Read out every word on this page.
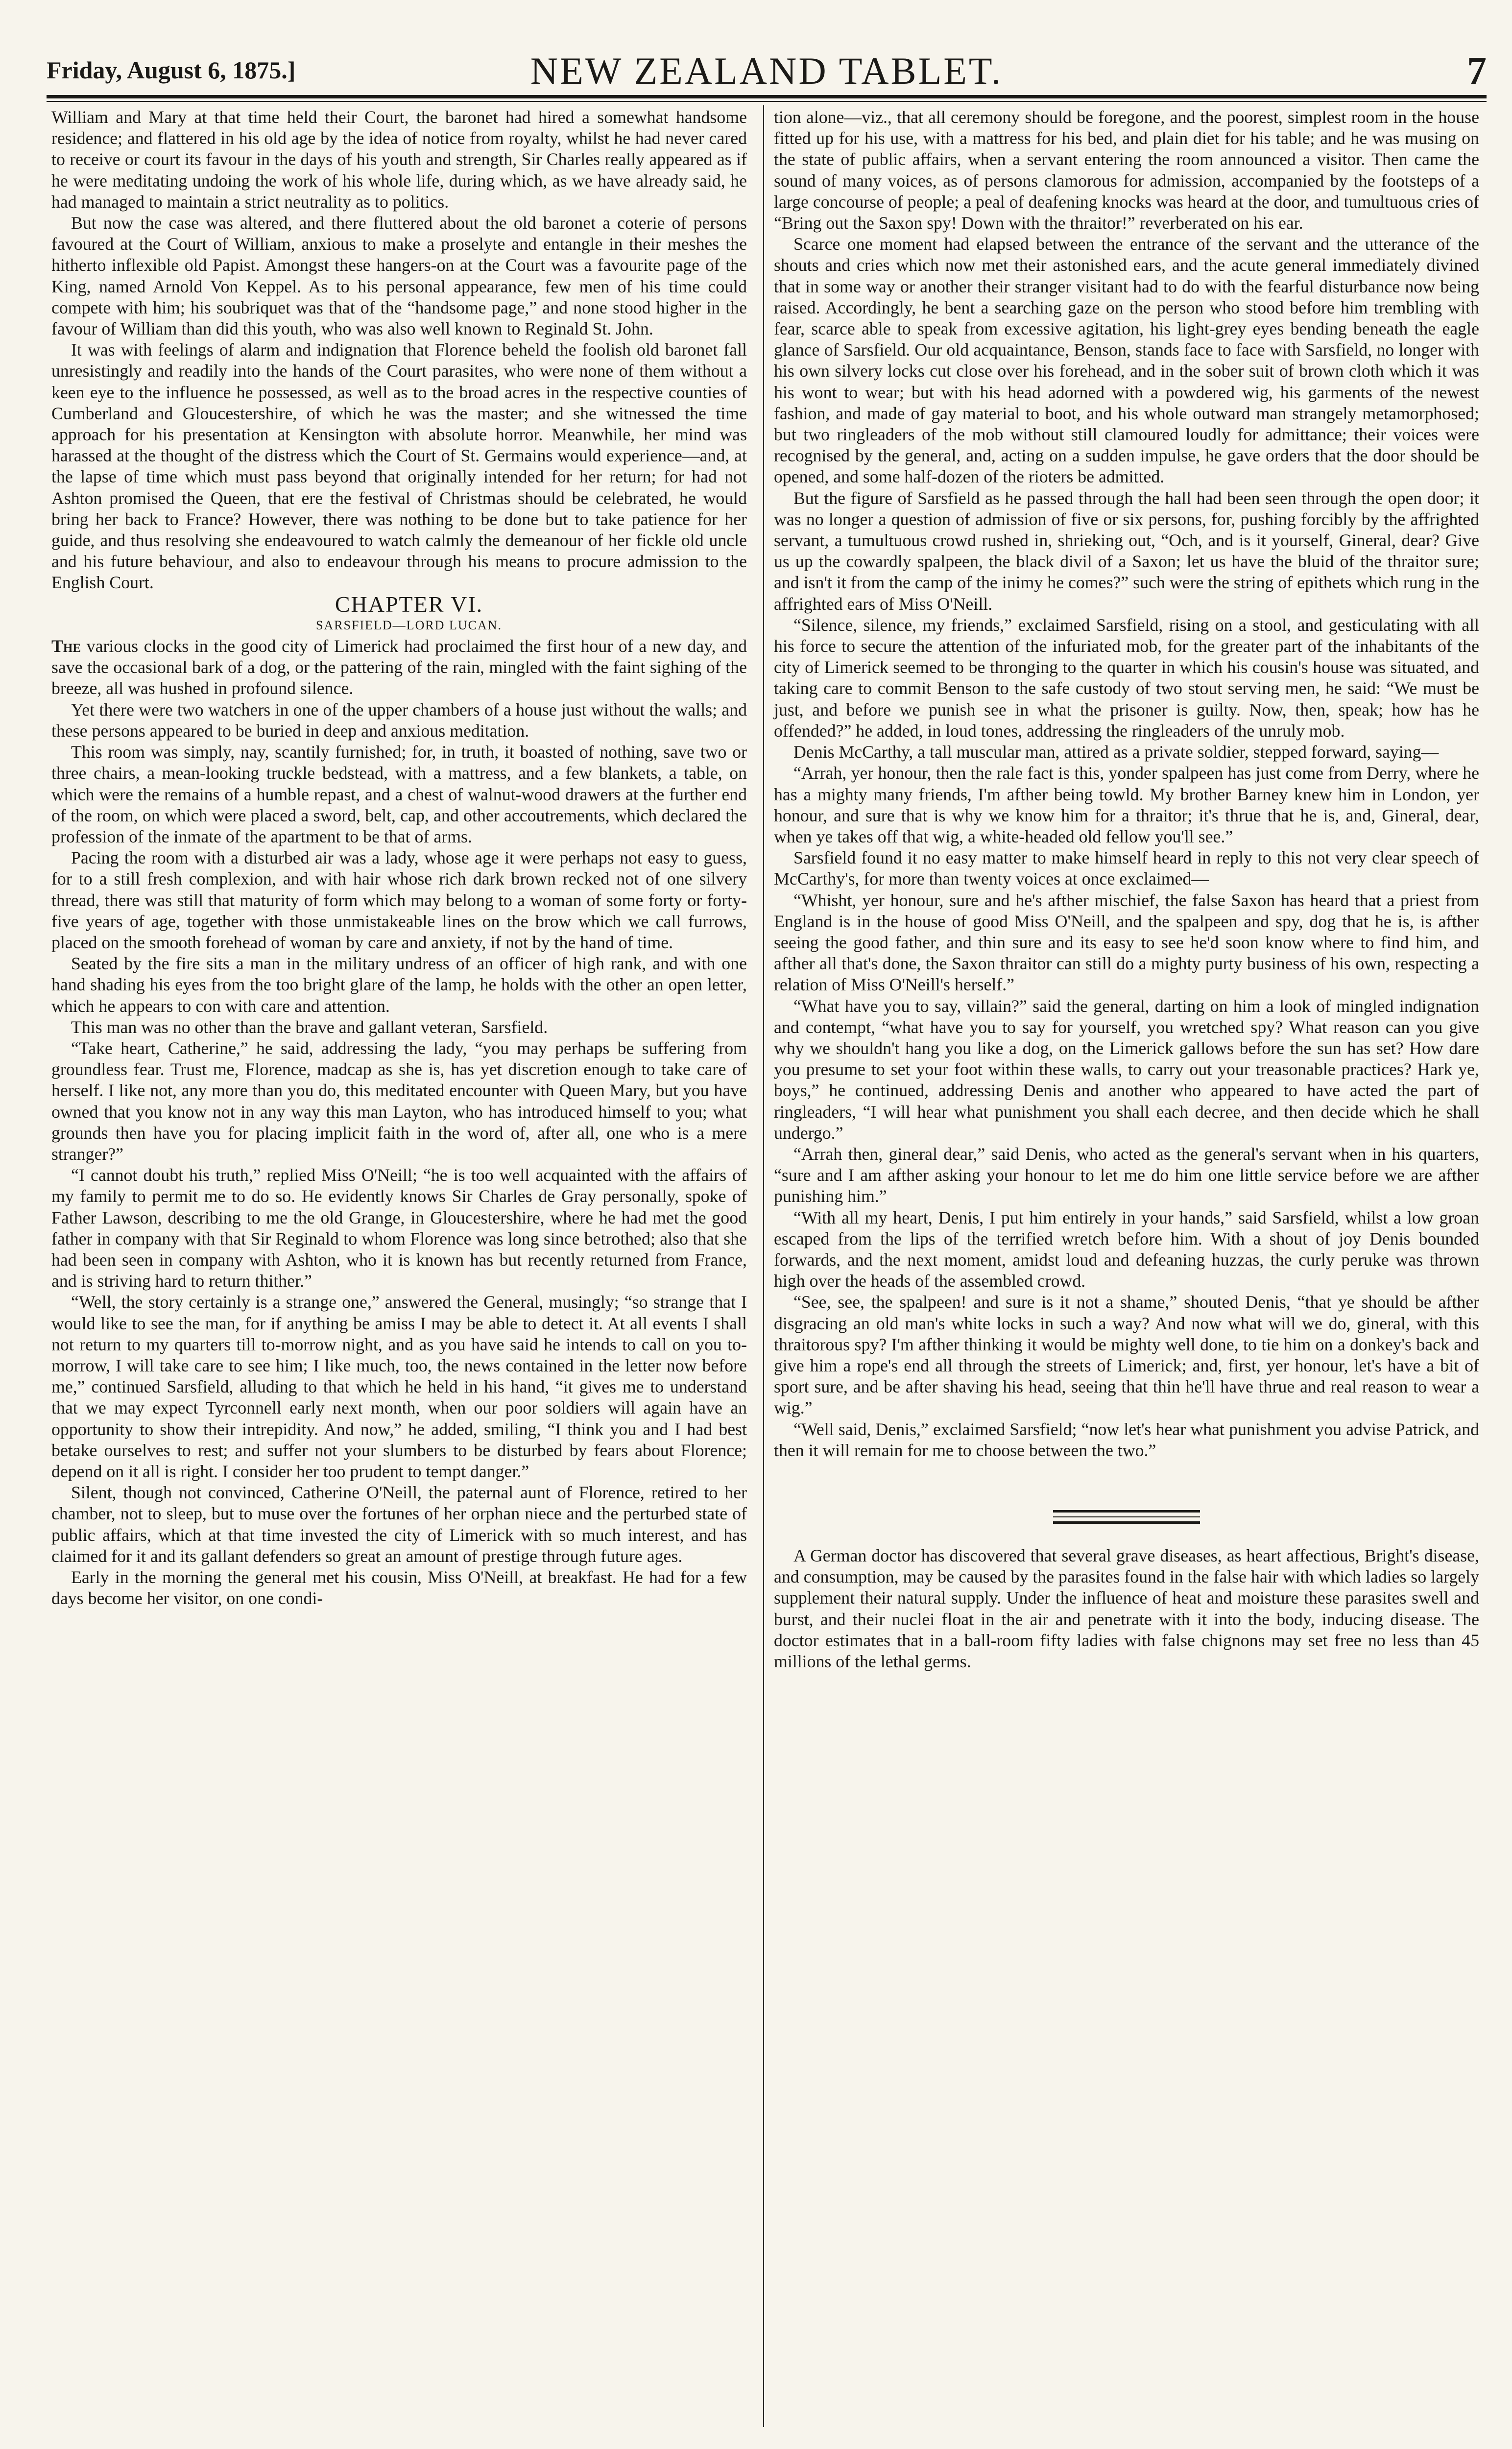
Friday, August 6, 1875.]	NEW ZEALAND TABLET.	7

William and Mary at that time held their Court, the baronet had hired a somewhat handsome residence; and flattered in his old age by the idea of notice from royalty, whilst he had never cared to receive or court its favour in the days of his youth and strength, Sir Charles really appeared as if he were meditating undoing the work of his whole life, during which, as we have already said, he had managed to maintain a strict neutrality as to politics.

But now the case was altered, and there fluttered about the old baronet a coterie of persons favoured at the Court of William, anxious to make a proselyte and entangle in their meshes the hitherto inflexible old Papist. Amongst these hangers-on at the Court was a favourite page of the King, named Arnold Von Keppel. As to his personal appearance, few men of his time could compete with him; his soubriquet was that of the “handsome page,” and none stood higher in the favour of William than did this youth, who was also well known to Reginald St. John.

It was with feelings of alarm and indignation that Florence beheld the foolish old baronet fall unresistingly and readily into the hands of the Court parasites, who were none of them without a keen eye to the influence he possessed, as well as to the broad acres in the respective counties of Cumberland and Gloucestershire, of which he was the master; and she witnessed the time approach for his presentation at Kensington with absolute horror. Meanwhile, her mind was harassed at the thought of the distress which the Court of St. Germains would experience—and, at the lapse of time which must pass beyond that originally intended for her return; for had not Ashton promised the Queen, that ere the festival of Christmas should be celebrated, he would bring her back to France? However, there was nothing to be done but to take patience for her guide, and thus resolving she endeavoured to watch calmly the demeanour of her fickle old uncle and his future behaviour, and also to endeavour through his means to procure admission to the English Court.

CHAPTER VI.

SARSFIELD—LORD LUCAN.

The various clocks in the good city of Limerick had proclaimed the first hour of a new day, and save the occasional bark of a dog, or the pattering of the rain, mingled with the faint sighing of the breeze, all was hushed in profound silence.

Yet there were two watchers in one of the upper chambers of a house just without the walls; and these persons appeared to be buried in deep and anxious meditation.

This room was simply, nay, scantily furnished; for, in truth, it boasted of nothing, save two or three chairs, a mean-looking truckle bedstead, with a mattress, and a few blankets, a table, on which were the remains of a humble repast, and a chest of walnut-wood drawers at the further end of the room, on which were placed a sword, belt, cap, and other accoutrements, which declared the profession of the inmate of the apartment to be that of arms.

Pacing the room with a disturbed air was a lady, whose age it were perhaps not easy to guess, for to a still fresh complexion, and with hair whose rich dark brown recked not of one silvery thread, there was still that maturity of form which may belong to a woman of some forty or forty-five years of age, together with those unmistakeable lines on the brow which we call furrows, placed on the smooth forehead of woman by care and anxiety, if not by the hand of time.

Seated by the fire sits a man in the military undress of an officer of high rank, and with one hand shading his eyes from the too bright glare of the lamp, he holds with the other an open letter, which he appears to con with care and attention.

This man was no other than the brave and gallant veteran, Sarsfield.

“Take heart, Catherine,” he said, addressing the lady, “you may perhaps be suffering from groundless fear. Trust me, Florence, madcap as she is, has yet discretion enough to take care of herself. I like not, any more than you do, this meditated encounter with Queen Mary, but you have owned that you know not in any way this man Layton, who has introduced himself to you; what grounds then have you for placing implicit faith in the word of, after all, one who is a mere stranger?”

“I cannot doubt his truth,” replied Miss O'Neill; “he is too well acquainted with the affairs of my family to permit me to do so. He evidently knows Sir Charles de Gray personally, spoke of Father Lawson, describing to me the old Grange, in Gloucestershire, where he had met the good father in company with that Sir Reginald to whom Florence was long since betrothed; also that she had been seen in company with Ashton, who it is known has but recently returned from France, and is striving hard to return thither.”

“Well, the story certainly is a strange one,” answered the General, musingly; “so strange that I would like to see the man, for if anything be amiss I may be able to detect it. At all events I shall not return to my quarters till to-morrow night, and as you have said he intends to call on you to-morrow, I will take care to see him; I like much, too, the news contained in the letter now before me,” continued Sarsfield, alluding to that which he held in his hand, “it gives me to understand that we may expect Tyrconnell early next month, when our poor soldiers will again have an opportunity to show their intrepidity. And now,” he added, smiling, “I think you and I had best betake ourselves to rest; and suffer not your slumbers to be disturbed by fears about Florence; depend on it all is right. I consider her too prudent to tempt danger.”

Silent, though not convinced, Catherine O'Neill, the paternal aunt of Florence, retired to her chamber, not to sleep, but to muse over the fortunes of her orphan niece and the perturbed state of public affairs, which at that time invested the city of Limerick with so much interest, and has claimed for it and its gallant defenders so great an amount of prestige through future ages.

Early in the morning the general met his cousin, Miss O'Neill, at breakfast. He had for a few days become her visitor, on one condi-

tion alone—viz., that all ceremony should be foregone, and the poorest, simplest room in the house fitted up for his use, with a mattress for his bed, and plain diet for his table; and he was musing on the state of public affairs, when a servant entering the room announced a visitor. Then came the sound of many voices, as of persons clamorous for admission, accompanied by the footsteps of a large concourse of people; a peal of deafening knocks was heard at the door, and tumultuous cries of “Bring out the Saxon spy! Down with the thraitor!” reverberated on his ear.

Scarce one moment had elapsed between the entrance of the servant and the utterance of the shouts and cries which now met their astonished ears, and the acute general immediately divined that in some way or another their stranger visitant had to do with the fearful disturbance now being raised. Accordingly, he bent a searching gaze on the person who stood before him trembling with fear, scarce able to speak from excessive agitation, his light-grey eyes bending beneath the eagle glance of Sarsfield. Our old acquaintance, Benson, stands face to face with Sarsfield, no longer with his own silvery locks cut close over his forehead, and in the sober suit of brown cloth which it was his wont to wear; but with his head adorned with a powdered wig, his garments of the newest fashion, and made of gay material to boot, and his whole outward man strangely metamorphosed; but two ringleaders of the mob without still clamoured loudly for admittance; their voices were recognised by the general, and, acting on a sudden impulse, he gave orders that the door should be opened, and some half-dozen of the rioters be admitted.

But the figure of Sarsfield as he passed through the hall had been seen through the open door; it was no longer a question of admission of five or six persons, for, pushing forcibly by the affrighted servant, a tumultuous crowd rushed in, shrieking out, “Och, and is it yourself, Gineral, dear? Give us up the cowardly spalpeen, the black divil of a Saxon; let us have the bluid of the thraitor sure; and isn't it from the camp of the inimy he comes?” such were the string of epithets which rung in the affrighted ears of Miss O'Neill.

“Silence, silence, my friends,” exclaimed Sarsfield, rising on a stool, and gesticulating with all his force to secure the attention of the infuriated mob, for the greater part of the inhabitants of the city of Limerick seemed to be thronging to the quarter in which his cousin's house was situated, and taking care to commit Benson to the safe custody of two stout serving men, he said: “We must be just, and before we punish see in what the prisoner is guilty. Now, then, speak; how has he offended?” he added, in loud tones, addressing the ringleaders of the unruly mob.

Denis McCarthy, a tall muscular man, attired as a private soldier, stepped forward, saying—

“Arrah, yer honour, then the rale fact is this, yonder spalpeen has just come from Derry, where he has a mighty many friends, I'm afther being towld. My brother Barney knew him in London, yer honour, and sure that is why we know him for a thraitor; it's thrue that he is, and, Gineral, dear, when ye takes off that wig, a white-headed old fellow you'll see.”

Sarsfield found it no easy matter to make himself heard in reply to this not very clear speech of McCarthy's, for more than twenty voices at once exclaimed—

“Whisht, yer honour, sure and he's afther mischief, the false Saxon has heard that a priest from England is in the house of good Miss O'Neill, and the spalpeen and spy, dog that he is, is afther seeing the good father, and thin sure and its easy to see he'd soon know where to find him, and afther all that's done, the Saxon thraitor can still do a mighty purty business of his own, respecting a relation of Miss O'Neill's herself.”

“What have you to say, villain?” said the general, darting on him a look of mingled indignation and contempt, “what have you to say for yourself, you wretched spy? What reason can you give why we shouldn't hang you like a dog, on the Limerick gallows before the sun has set? How dare you presume to set your foot within these walls, to carry out your treasonable practices? Hark ye, boys,” he continued, addressing Denis and another who appeared to have acted the part of ringleaders, “I will hear what punishment you shall each decree, and then decide which he shall undergo.”

“Arrah then, gineral dear,” said Denis, who acted as the general's servant when in his quarters, “sure and I am afther asking your honour to let me do him one little service before we are afther punishing him.”

“With all my heart, Denis, I put him entirely in your hands,” said Sarsfield, whilst a low groan escaped from the lips of the terrified wretch before him. With a shout of joy Denis bounded forwards, and the next moment, amidst loud and defeaning huzzas, the curly peruke was thrown high over the heads of the assembled crowd.

“See, see, the spalpeen! and sure is it not a shame,” shouted Denis, “that ye should be afther disgracing an old man's white locks in such a way? And now what will we do, gineral, with this thraitorous spy? I'm afther thinking it would be mighty well done, to tie him on a donkey's back and give him a rope's end all through the streets of Limerick; and, first, yer honour, let's have a bit of sport sure, and be after shaving his head, seeing that thin he'll have thrue and real reason to wear a wig.”

“Well said, Denis,” exclaimed Sarsfield; “now let's hear what punishment you advise Patrick, and then it will remain for me to choose between the two.”

A German doctor has discovered that several grave diseases, as heart affectious, Bright's disease, and consumption, may be caused by the parasites found in the false hair with which ladies so largely supplement their natural supply. Under the influence of heat and moisture these parasites swell and burst, and their nuclei float in the air and penetrate with it into the body, inducing disease. The doctor estimates that in a ball-room fifty ladies with false chignons may set free no less than 45 millions of the lethal germs.
